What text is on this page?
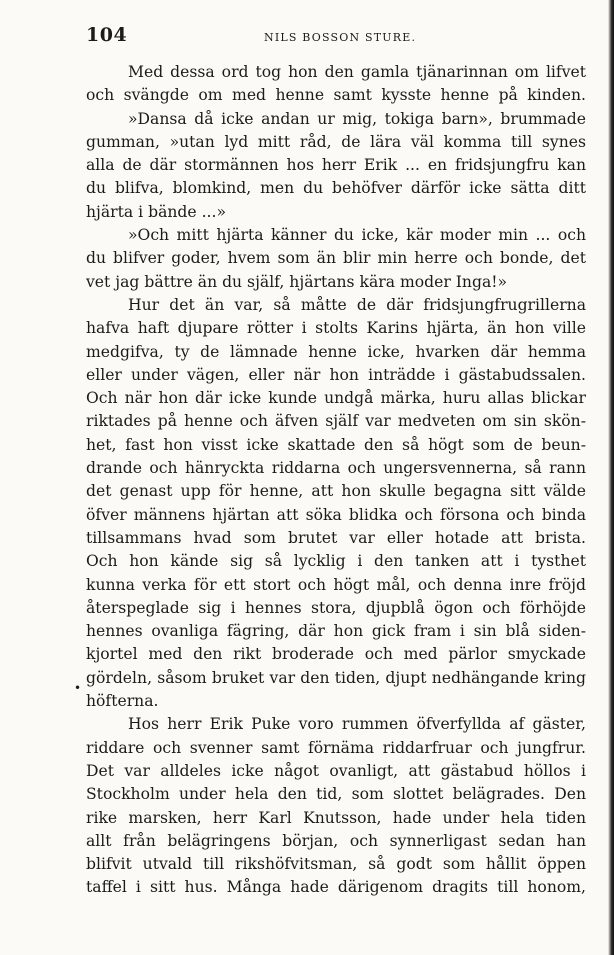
104	NILS BOSSON STURE.
Med dessa ord tog hon den gamla tjänarinnan om lifvet
och svängde om med henne samt kysste henne på kinden.
»Dansa då icke andan ur mig, tokiga barn», brummade
gumman, »utan lyd mitt råd, de lära väl komma till synes
alla de där stormännen hos herr Erik ... en fridsjungfru kan
du blifva, blomkind, men du behöfver därför icke sätta ditt
hjärta i bände ...»
»Och mitt hjärta känner du icke, kär moder min ... och
du blifver goder, hvem som än blir min herre och bonde, det
vet jag bättre än du själf, hjärtans kära moder Inga!»
Hur det än var, så måtte de där fridsjungfrugrillerna
hafva haft djupare rötter i stolts Karins hjärta, än hon ville
medgifva, ty de lämnade henne icke, hvarken där hemma
eller under vägen, eller när hon inträdde i gästabudssalen.
Och när hon där icke kunde undgå märka, huru allas blickar
riktades på henne och äfven själf var medveten om sin skön-
het, fast hon visst icke skattade den så högt som de beun-
drande och hänryckta riddarna och ungersvennerna, så rann
det genast upp för henne, att hon skulle begagna sitt välde
öfver männens hjärtan att söka blidka och försona och binda
tillsammans hvad som brutet var eller hotade att brista.
Och hon kände sig så lycklig i den tanken att i tysthet
kunna verka för ett stort och högt mål, och denna inre fröjd
återspeglade sig i hennes stora, djupblå ögon och förhöjde
hennes ovanliga fägring, där hon gick fram i sin blå siden-
kjortel med den rikt broderade och med pärlor smyckade
gördeln, såsom bruket var den tiden, djupt nedhängande kring
höfterna.
Hos herr Erik Puke voro rummen öfverfyllda af gäster,
riddare och svenner samt förnäma riddarfruar och jungfrur.
Det var alldeles icke något ovanligt, att gästabud höllos i
Stockholm under hela den tid, som slottet belägrades. Den
rike marsken, herr Karl Knutsson, hade under hela tiden
allt från belägringens början, och synnerligast sedan han
blifvit utvald till rikshöfvitsman, så godt som hållit öppen
taffel i sitt hus. Många hade därigenom dragits till honom,
•
